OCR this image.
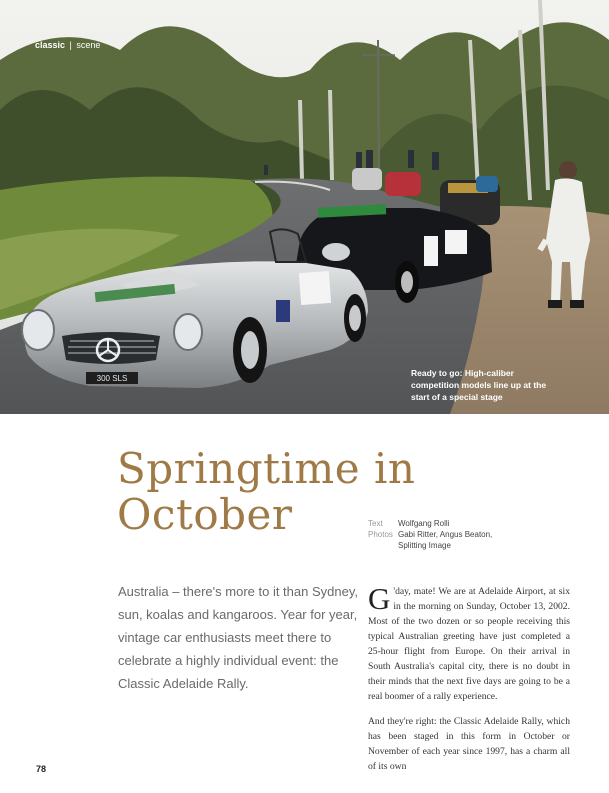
300 SLS
classic | scene
Ready to go: High-caliber competition models line up at the start of a special stage
Springtime in
October	Text	Wolfgang Rolli
Photos Gabi Ritter, Angus Beaton, Splitting Image

Australia – there's more to it than Sydney, sun, koalas and kangaroos. Year for year, vintage car enthusiasts meet there to celebrate a highly individual event: the Classic Adelaide Rally.

G 'day, mate! We are at Adelaide Airport, at six in the morning on Sunday, October 13, 2002. Most of the two dozen or so people receiving this typical Australian greeting have just completed a 25-hour flight from Europe. On their arrival in South Australia's capital city, there is no doubt in their minds that the next five days are going to be a real boomer of a rally experience.

And they're right: the Classic Adelaide Rally, which has been staged in this form in October or November of each year since 1997, has a charm all of its own

78
